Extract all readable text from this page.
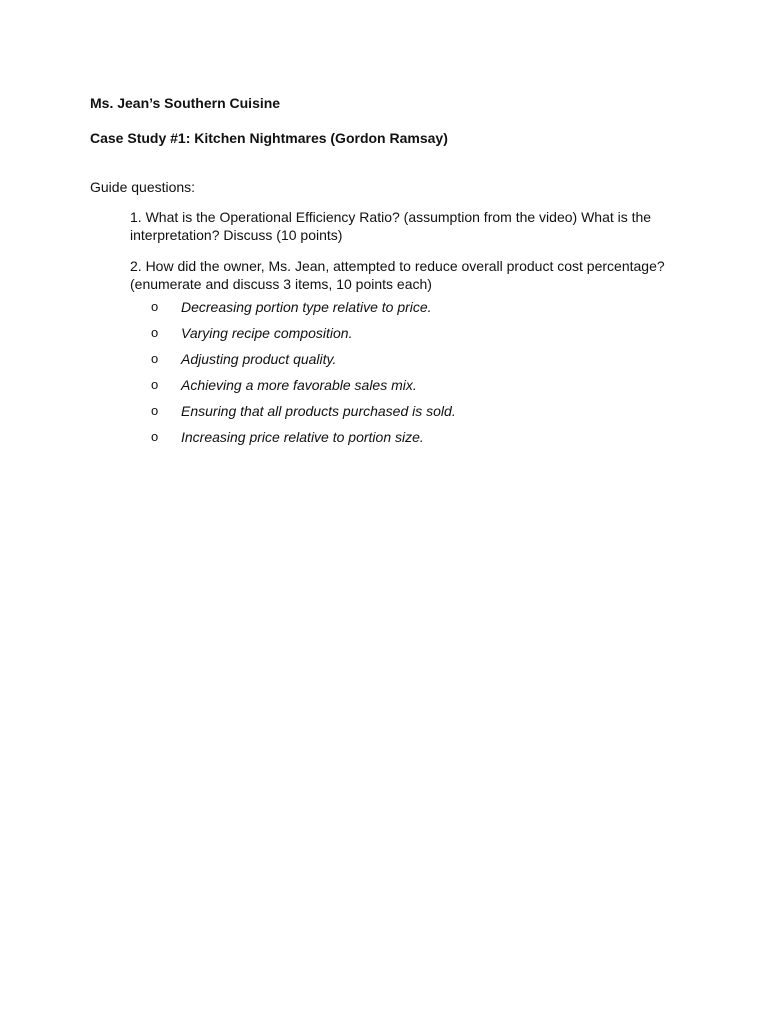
Ms. Jean’s Southern Cuisine
Case Study #1: Kitchen Nightmares (Gordon Ramsay)
Guide questions:
1. What is the Operational Efficiency Ratio? (assumption from the video) What is the interpretation? Discuss (10 points)
2. How did the owner, Ms. Jean, attempted to reduce overall product cost percentage? (enumerate and discuss 3 items, 10 points each)
o	Decreasing portion type relative to price.
o	Varying recipe composition.
o	Adjusting product quality.
o	Achieving a more favorable sales mix.
o	Ensuring that all products purchased is sold.
o	Increasing price relative to portion size.
